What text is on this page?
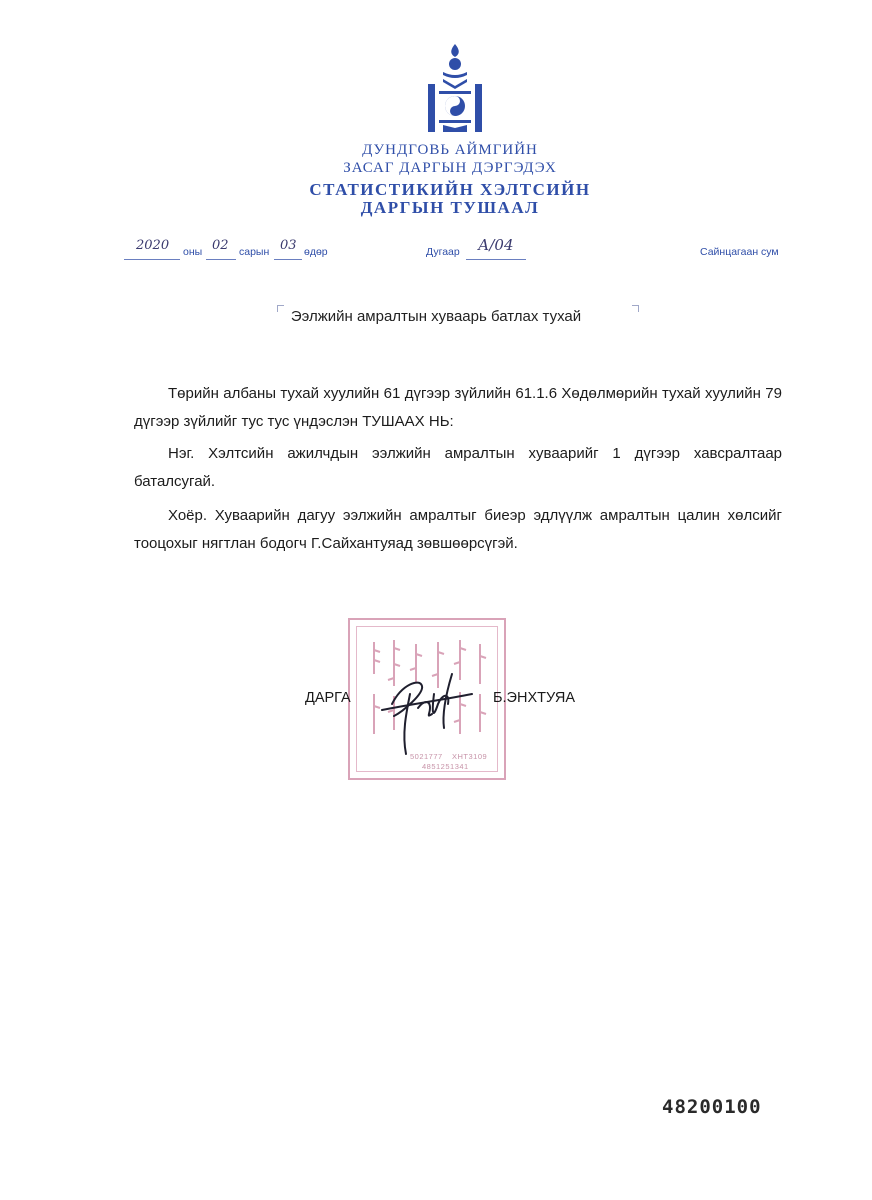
ДУНДГОВЬ АЙМГИЙН
ЗАСАГ ДАРГЫН ДЭРГЭДЭХ
СТАТИСТИКИЙН ХЭЛТСИЙН
ДАРГЫН ТУШААЛ
2020 оны 02 сарын 03 өдөр	Дугаар А/04	Сайнцагаан сум
Ээлжийн амралтын хуваарь батлах тухай
Төрийн албаны тухай хуулийн 61 дүгээр зүйлийн 61.1.6 Хөдөлмөрийн тухай хуулийн 79 дүгээр зүйлийг тус тус үндэслэн ТУШААХ НЬ:
Нэг. Хэлтсийн ажилчдын ээлжийн амралтын хуваарийг 1 дүгээр хавсралтаар баталсугай.
Хоёр. Хуваарийн дагуу ээлжийн амралтыг биеэр эдлүүлж амралтын цалин хөлсийг тооцохыг нягтлан бодогч Г.Сайхантуяад зөвшөөрсүгэй.
5021777 ХНТ3109
4851251341
ДАРГА	Б.ЭНХТУЯА
48200100
